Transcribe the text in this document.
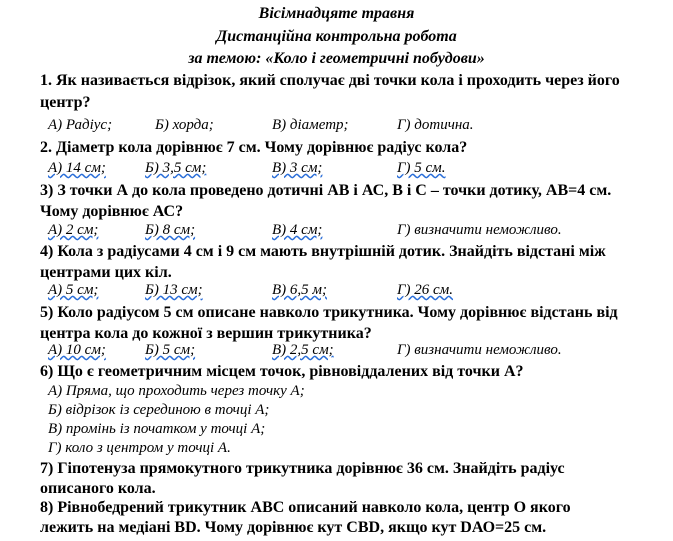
Вісімнадцяте травня
Дистанційна контрольна робота
за темою: «Коло і геометричні побудови»
1. Як називається відрізок, який сполучає дві точки кола і проходить через його
центр?
А) Радіус;	Б) хорда;	В) діаметр;	Г) дотична.
2. Діаметр кола дорівнює 7 см. Чому дорівнює радіус кола?
А) 14 см;	Б) 3,5 см;	В) 3 см;	Г) 5 см.
3) З точки А до кола проведено дотичні АВ і АС, В і С – точки дотику, АВ=4 см.
Чому дорівнює АС?
А) 2 см;	Б) 8 см;	В) 4 см;	Г) визначити неможливо.
4) Кола з радіусами 4 см і 9 см мають внутрішній дотик. Знайдіть відстані між
центрами цих кіл.
А) 5 см;	Б) 13 см;	В) 6,5 м;	Г) 26 см.
5) Коло радіусом 5 см описане навколо трикутника. Чому дорівнює відстань від
центра кола до кожної з вершин трикутника?
А) 10 см;	Б) 5 см;	В) 2,5 см;	Г) визначити неможливо.
6) Що є геометричним місцем точок, рівновіддалених від точки А?
А) Пряма, що проходить через точку А;
Б) відрізок із серединою в точці А;
В) промінь із початком у точці А;
Г) коло з центром у точці А.
7) Гіпотенуза прямокутного трикутника дорівнює 36 см. Знайдіть радіус
описаного кола.
8) Рівнобедрений трикутник АВС описаний навколо кола, центр О якого
лежить на медіані ВD. Чому дорівнює кут СВD, якщо кут DАО=25 см.
